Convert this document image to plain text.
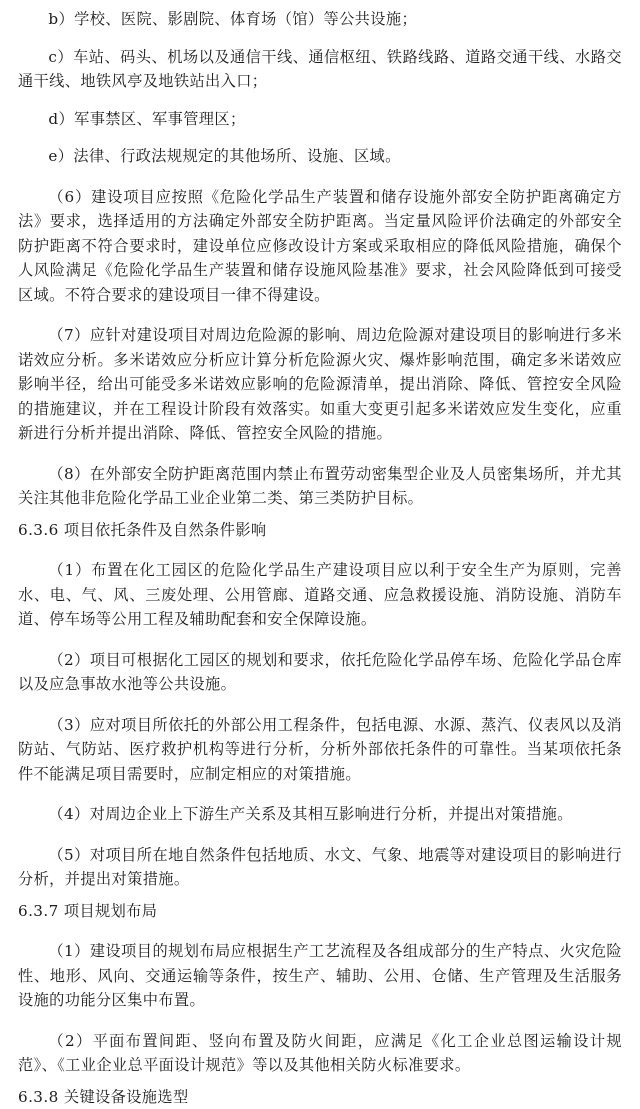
b）学校、医院、影剧院、体育场（馆）等公共设施；

c）车站、码头、机场以及通信干线、通信枢纽、铁路线路、道路交通干线、水路交通干线、地铁风亭及地铁站出入口；

d）军事禁区、军事管理区；

e）法律、行政法规规定的其他场所、设施、区域。

（6）建设项目应按照《危险化学品生产装置和储存设施外部安全防护距离确定方法》要求，选择适用的方法确定外部安全防护距离。当定量风险评价法确定的外部安全防护距离不符合要求时，建设单位应修改设计方案或采取相应的降低风险措施，确保个人风险满足《危险化学品生产装置和储存设施风险基准》要求，社会风险降低到可接受区域。不符合要求的建设项目一律不得建设。

（7）应针对建设项目对周边危险源的影响、周边危险源对建设项目的影响进行多米诺效应分析。多米诺效应分析应计算分析危险源火灾、爆炸影响范围，确定多米诺效应影响半径，给出可能受多米诺效应影响的危险源清单，提出消除、降低、管控安全风险的措施建议，并在工程设计阶段有效落实。如重大变更引起多米诺效应发生变化，应重新进行分析并提出消除、降低、管控安全风险的措施。

（8）在外部安全防护距离范围内禁止布置劳动密集型企业及人员密集场所，并尤其关注其他非危险化学品工业企业第二类、第三类防护目标。

6.3.6 项目依托条件及自然条件影响

（1）布置在化工园区的危险化学品生产建设项目应以利于安全生产为原则，完善水、电、气、风、三废处理、公用管廊、道路交通、应急救援设施、消防设施、消防车道、停车场等公用工程及辅助配套和安全保障设施。

（2）项目可根据化工园区的规划和要求，依托危险化学品停车场、危险化学品仓库以及应急事故水池等公共设施。

（3）应对项目所依托的外部公用工程条件，包括电源、水源、蒸汽、仪表风以及消防站、气防站、医疗救护机构等进行分析，分析外部依托条件的可靠性。当某项依托条件不能满足项目需要时，应制定相应的对策措施。

（4）对周边企业上下游生产关系及其相互影响进行分析，并提出对策措施。

（5）对项目所在地自然条件包括地质、水文、气象、地震等对建设项目的影响进行分析，并提出对策措施。

6.3.7 项目规划布局

（1）建设项目的规划布局应根据生产工艺流程及各组成部分的生产特点、火灾危险性、地形、风向、交通运输等条件，按生产、辅助、公用、仓储、生产管理及生活服务设施的功能分区集中布置。

（2）平面布置间距、竖向布置及防火间距，应满足《化工企业总图运输设计规范》、《工业企业总平面设计规范》等以及其他相关防火标准要求。

6.3.8 关键设备设施选型
